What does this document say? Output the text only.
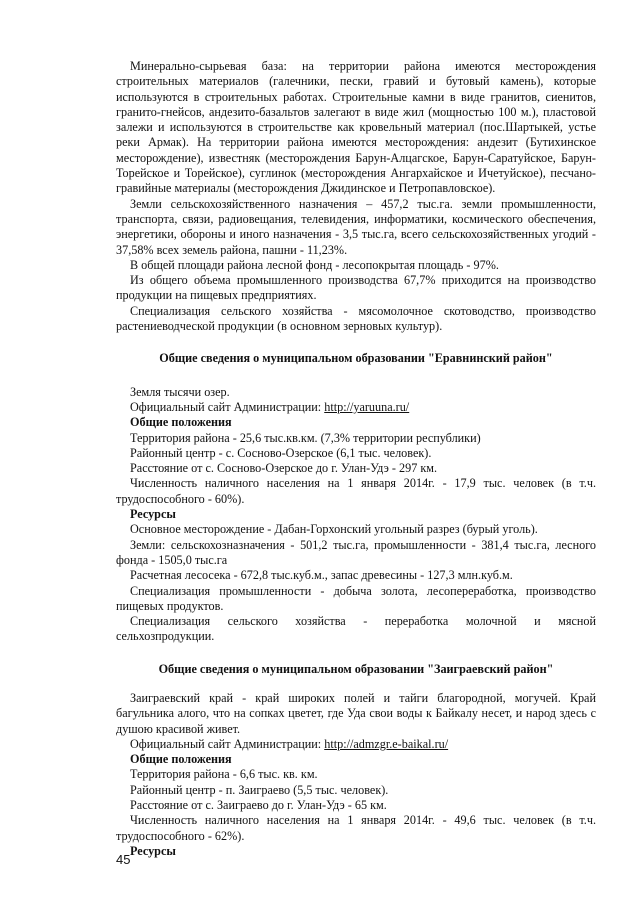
Минерально-сырьевая база: на территории района имеются месторождения строительных материалов (галечники, пески, гравий и бутовый камень), которые используются в строительных работах. Строительные камни в виде гранитов, сиенитов, гранито-гнейсов, андезито-базальтов залегают в виде жил (мощностью 100 м.), пластовой залежи и используются в строительстве как кровельный материал (пос.Шартыкей, устье реки Армак). На территории района имеются месторождения: андезит (Бутихинское месторождение), известняк (месторождения Барун-Алцагское, Барун-Саратуйское, Барун-Торейское и Торейское), суглинок (месторождения Ангархайское и Ичетуйское), песчано-гравийные материалы (месторождения Джидинское и Петропавловское).

Земли сельскохозяйственного назначения – 457,2 тыс.га. земли промышленности, транспорта, связи, радиовещания, телевидения, информатики, космического обеспечения, энергетики, обороны и иного назначения - 3,5 тыс.га, всего сельскохозяйственных угодий - 37,58% всех земель района, пашни - 11,23%.

В общей площади района лесной фонд - лесопокрытая площадь - 97%.

Из общего объема промышленного производства 67,7% приходится на производство продукции на пищевых предприятиях.

Специализация сельского хозяйства - мясомолочное скотоводство, производство растениеводческой продукции (в основном зерновых культур).

Общие сведения о муниципальном образовании "Еравнинский район"

Земля тысячи озер.

Официальный сайт Администрации: http://yaruuna.ru/

Общие положения

Территория района - 25,6 тыс.кв.км. (7,3% территории республики)

Районный центр - с. Сосново-Озерское (6,1 тыс. человек).

Расстояние от с. Сосново-Озерское до г. Улан-Удэ - 297 км.

Численность наличного населения на 1 января 2014г. - 17,9 тыс. человек (в т.ч. трудоспособного - 60%).

Ресурсы

Основное месторождение - Дабан-Горхонский угольный разрез (бурый уголь).

Земли: сельскохозназначения - 501,2 тыс.га, промышленности - 381,4 тыс.га, лесного фонда - 1505,0 тыс.га

Расчетная лесосека - 672,8 тыс.куб.м., запас древесины - 127,3 млн.куб.м.

Специализация промышленности - добыча золота, лесопереработка, производство пищевых продуктов.

Специализация сельского хозяйства - переработка молочной и мясной сельхозпродукции.

Общие сведения о муниципальном образовании "Заиграевский район"

Заиграевский край - край широких полей и тайги благородной, могучей. Край багульника алого, что на сопках цветет, где Уда свои воды к Байкалу несет, и народ здесь с душою красивой живет.

Официальный сайт Администрации: http://admzgr.e-baikal.ru/

Общие положения

Территория района - 6,6 тыс. кв. км.

Районный центр - п. Заиграево (5,5 тыс. человек).

Расстояние от с. Заиграево до г. Улан-Удэ - 65 км.

Численность наличного населения на 1 января 2014г. - 49,6 тыс. человек (в т.ч. трудоспособного - 62%).

Ресурсы

45
